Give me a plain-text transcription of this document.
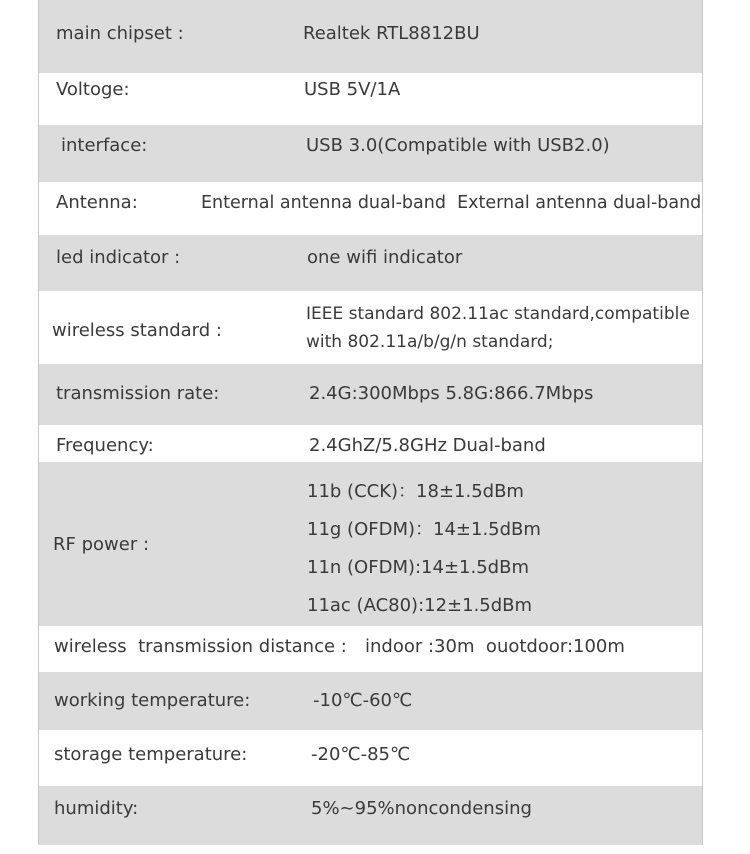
main chipset :	Realtek RTL8812BU
Voltoge:	USB 5V/1A
interface:	USB 3.0(Compatible with USB2.0)
Antenna:	Enternal antenna dual-band  External antenna dual-band
led indicator :	one wifi indicator
wireless standard :
IEEE standard 802.11ac standard,compatible
with 802.11a/b/g/n standard;
transmission rate:	2.4G:300Mbps 5.8G:866.7Mbps
Frequency:	2.4GhZ/5.8GHz Dual-band
RF power :
11b (CCK)：18±1.5dBm
11g (OFDM)：14±1.5dBm
11n (OFDM):14±1.5dBm
11ac (AC80):12±1.5dBm
wireless  transmission distance : indoor :30m  ouotdoor:100m
working temperature:	-10℃-60℃
storage temperature:	-20℃-85℃
humidity:	5%~95%noncondensing
